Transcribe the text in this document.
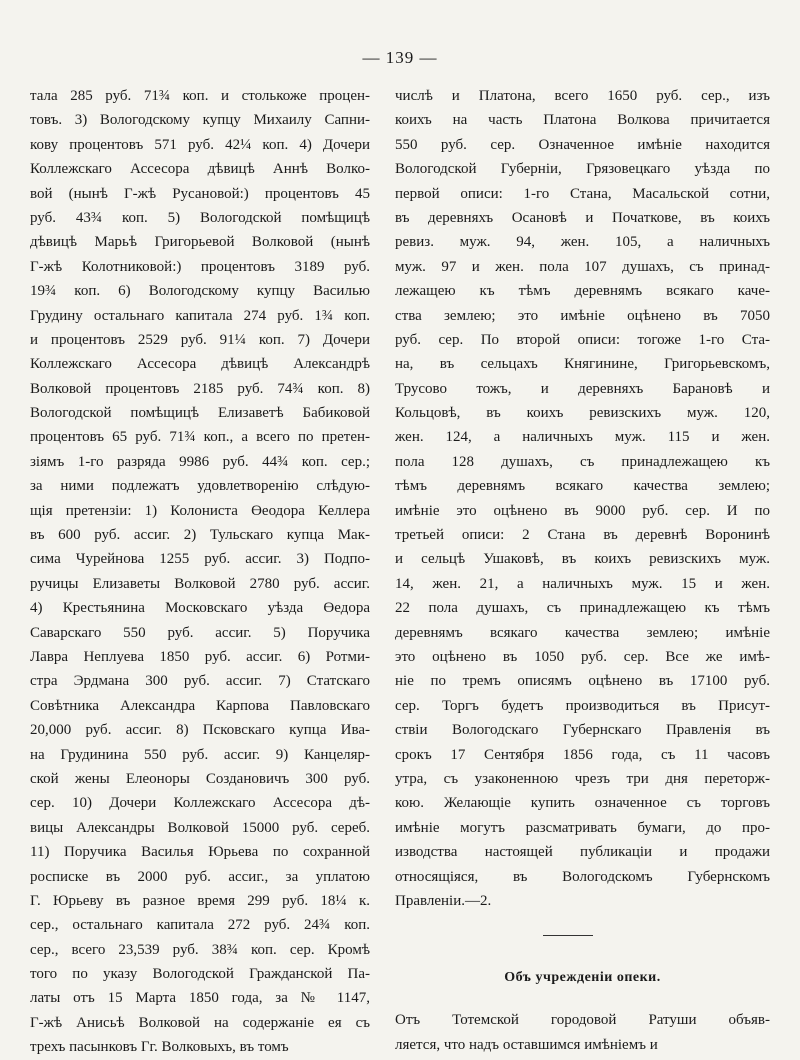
— 139 —
тала 285 руб. 71¾ коп. и столькоже процен-
товъ. 3) Вологодскому купцу Михаилу Сапни-
кову процентовъ 571 руб. 42¼ коп. 4) Дочери
Коллежскаго Ассесора дѣвицѣ Аннѣ Волко-
вой (нынѣ Г-жѣ Русановой:) процентовъ 45
руб. 43¾ коп. 5) Вологодской помѣщицѣ
дѣвицѣ Марьѣ Григорьевой Волковой (нынѣ
Г-жѣ Колотниковой:) процентовъ 3189 руб.
19¾ коп. 6) Вологодскому купцу Василью
Грудину остальнаго капитала 274 руб. 1¾ коп.
и процентовъ 2529 руб. 91¼ коп. 7) Дочери
Коллежскаго Ассесора дѣвицѣ Александрѣ
Волковой процентовъ 2185 руб. 74¾ коп. 8)
Вологодской помѣщицѣ Елизаветѣ Бабиковой
процентовъ 65 руб. 71¾ коп., а всего по претен-
зіямъ 1-го разряда 9986 руб. 44¾ коп. сер.;
за ними подлежатъ удовлетворенію слѣдую-
щія претензіи: 1) Колониста Өеодора Келлера
въ 600 руб. ассиг. 2) Тульскаго купца Мак-
сима Чурейнова 1255 руб. ассиг. 3) Подпо-
ручицы Елизаветы Волковой 2780 руб. ассиг.
4) Крестьянина Московскаго уѣзда Өедора
Саварскаго 550 руб. ассиг. 5) Поручика
Лавра Неплуева 1850 руб. ассиг. 6) Ротми-
стра Эрдмана 300 руб. ассиг. 7) Статскаго
Совѣтника Александра Карпова Павловскаго
20,000 руб. ассиг. 8) Псковскаго купца Ива-
на Грудинина 550 руб. ассиг. 9) Канцеляр-
ской жены Елеоноры Создановичъ 300 руб.
сер. 10) Дочери Коллежскаго Ассесора дѣ-
вицы Александры Волковой 15000 руб. сереб.
11) Поручика Василья Юрьева по сохранной
росписке въ 2000 руб. ассиг., за уплатою
Г. Юрьеву въ разное время 299 руб. 18¼ к.
сер., остальнаго капитала 272 руб. 24¾ коп.
сер., всего 23,539 руб. 38¾ коп. сер. Кромѣ
того по указу Вологодской Гражданской Па-
латы отъ 15 Марта 1850 года, за № 1147,
Г-жѣ Анисьѣ Волковой на содержаніе ея съ
трехъ пасынковъ Гг. Волковыхъ, въ томъ
числѣ и Платона, всего 1650 руб. сер., изъ
коихъ на часть Платона Волкова причитается
550 руб. сер. Означенное имѣніе находится
Вологодской Губерніи, Грязовецкаго уѣзда по
первой описи: 1-го Стана, Масальской сотни,
въ деревняхъ Осановѣ и Початкове, въ коихъ
ревиз. муж. 94, жен. 105, а наличныхъ
муж. 97 и жен. пола 107 душахъ, съ принад-
лежащею къ тѣмъ деревнямъ всякаго каче-
ства землею; это имѣніе оцѣнено въ 7050
руб. сер. По второй описи: тогоже 1-го Ста-
на, въ сельцахъ Княгинине, Григорьевскомъ,
Трусово тожъ, и деревняхъ Барановѣ и
Кольцовѣ, въ коихъ ревизскихъ муж. 120,
жен. 124, а наличныхъ муж. 115 и жен.
пола 128 душахъ, съ принадлежащею къ
тѣмъ деревнямъ всякаго качества землею;
имѣніе это оцѣнено въ 9000 руб. сер. И по
третьей описи: 2 Стана въ деревнѣ Воронинѣ
и сельцѣ Ушаковѣ, въ коихъ ревизскихъ муж.
14, жен. 21, а наличныхъ муж. 15 и жен.
22 пола душахъ, съ принадлежащею къ тѣмъ
деревнямъ всякаго качества землею; имѣніе
это оцѣнено въ 1050 руб. сер. Все же имѣ-
ніе по тремъ описямъ оцѣнено въ 17100 руб.
сер. Торгъ будетъ производиться въ Присут-
ствіи Вологодскаго Губернскаго Правленія въ
срокъ 17 Сентября 1856 года, съ 11 часовъ
утра, съ узаконенною чрезъ три дня переторж-
кою. Желающіе купить означенное съ торговъ
имѣніе могутъ разсматривать бумаги, до про-
изводства настоящей публикаціи и продажи
относящіяся, въ Вологодскомъ Губернскомъ
Правленіи.—2.
Объ учрежденіи опеки.
Отъ Тотемской городовой Ратуши объяв-
ляется, что надъ оставшимся имѣніемъ и
